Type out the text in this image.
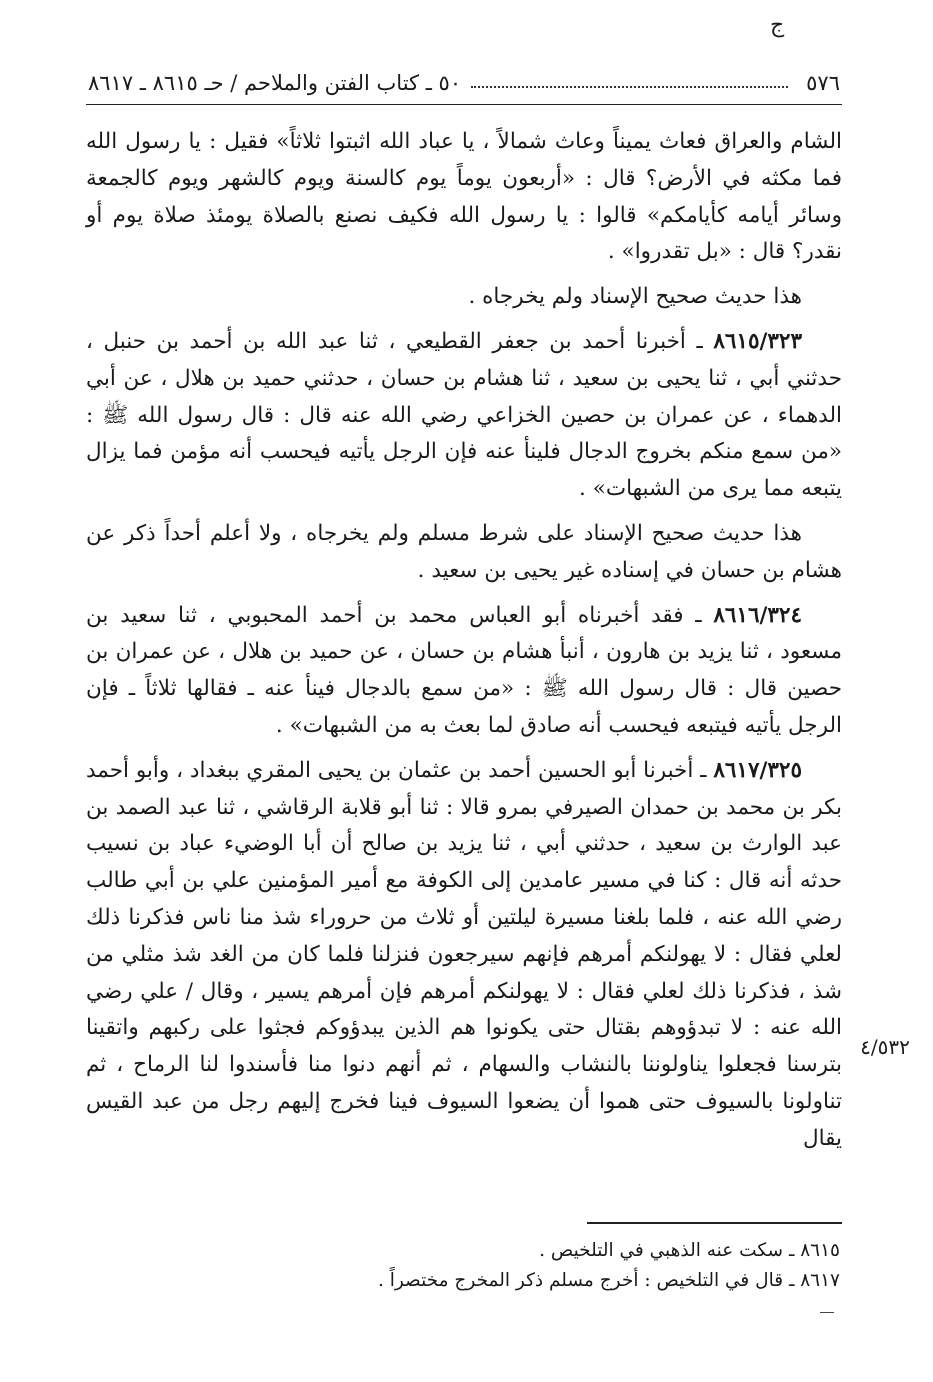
ج
٥٧٦
٥٠ ـ كتاب الفتن والملاحم / حـ ٨٦١٥ ـ ٨٦١٧

الشام والعراق فعاث يميناً وعاث شمالاً ، يا عباد الله اثبتوا ثلاثاً» فقيل : يا رسول الله فما مكثه في الأرض؟ قال : «أربعون يوماً يوم كالسنة ويوم كالشهر ويوم كالجمعة وسائر أيامه كأيامكم» قالوا : يا رسول الله فكيف نصنع بالصلاة يومئذ صلاة يوم أو نقدر؟ قال : «بل تقدروا» .

هذا حديث صحيح الإسناد ولم يخرجاه .

٨٦١٥/٣٢٣ ـ أخبرنا أحمد بن جعفر القطيعي ، ثنا عبد الله بن أحمد بن حنبل ، حدثني أبي ، ثنا يحيى بن سعيد ، ثنا هشام بن حسان ، حدثني حميد بن هلال ، عن أبي الدهماء ، عن عمران بن حصين الخزاعي رضي الله عنه قال : قال رسول الله ﷺ : «من سمع منكم بخروج الدجال فلينأ عنه فإن الرجل يأتيه فيحسب أنه مؤمن فما يزال يتبعه مما يرى من الشبهات» .

هذا حديث صحيح الإسناد على شرط مسلم ولم يخرجاه ، ولا أعلم أحداً ذكر عن هشام بن حسان في إسناده غير يحيى بن سعيد .

٨٦١٦/٣٢٤ ـ فقد أخبرناه أبو العباس محمد بن أحمد المحبوبي ، ثنا سعيد بن مسعود ، ثنا يزيد بن هارون ، أنبأ هشام بن حسان ، عن حميد بن هلال ، عن عمران بن حصين قال : قال رسول الله ﷺ : «من سمع بالدجال فينأ عنه ـ فقالها ثلاثاً ـ فإن الرجل يأتيه فيتبعه فيحسب أنه صادق لما بعث به من الشبهات» .

٨٦١٧/٣٢٥ ـ أخبرنا أبو الحسين أحمد بن عثمان بن يحيى المقري ببغداد ، وأبو أحمد بكر بن محمد بن حمدان الصيرفي بمرو قالا : ثنا أبو قلابة الرقاشي ، ثنا عبد الصمد بن عبد الوارث بن سعيد ، حدثني أبي ، ثنا يزيد بن صالح أن أبا الوضيء عباد بن نسيب حدثه أنه قال : كنا في مسير عامدين إلى الكوفة مع أمير المؤمنين علي بن أبي طالب رضي الله عنه ، فلما بلغنا مسيرة ليلتين أو ثلاث من حروراء شذ منا ناس فذكرنا ذلك لعلي فقال : لا يهولنكم أمرهم فإنهم سيرجعون فنزلنا فلما كان من الغد شذ مثلي من شذ ، فذكرنا ذلك لعلي فقال : لا يهولنكم أمرهم فإن أمرهم يسير ، وقال / علي رضي الله عنه : لا تبدؤوهم بقتال حتى يكونوا هم الذين يبدؤوكم فجثوا على ركبهم واتقينا بترسنا فجعلوا يناولوننا بالنشاب والسهام ، ثم أنهم دنوا منا فأسندوا لنا الرماح ، ثم تناولونا بالسيوف حتى هموا أن يضعوا السيوف فينا فخرج إليهم رجل من عبد القيس يقال

٤/٥٣٢

٨٦١٥ ـ سكت عنه الذهبي في التلخيص .

٨٦١٧ ـ قال في التلخيص : أخرج مسلم ذكر المخرج مختصراً .
